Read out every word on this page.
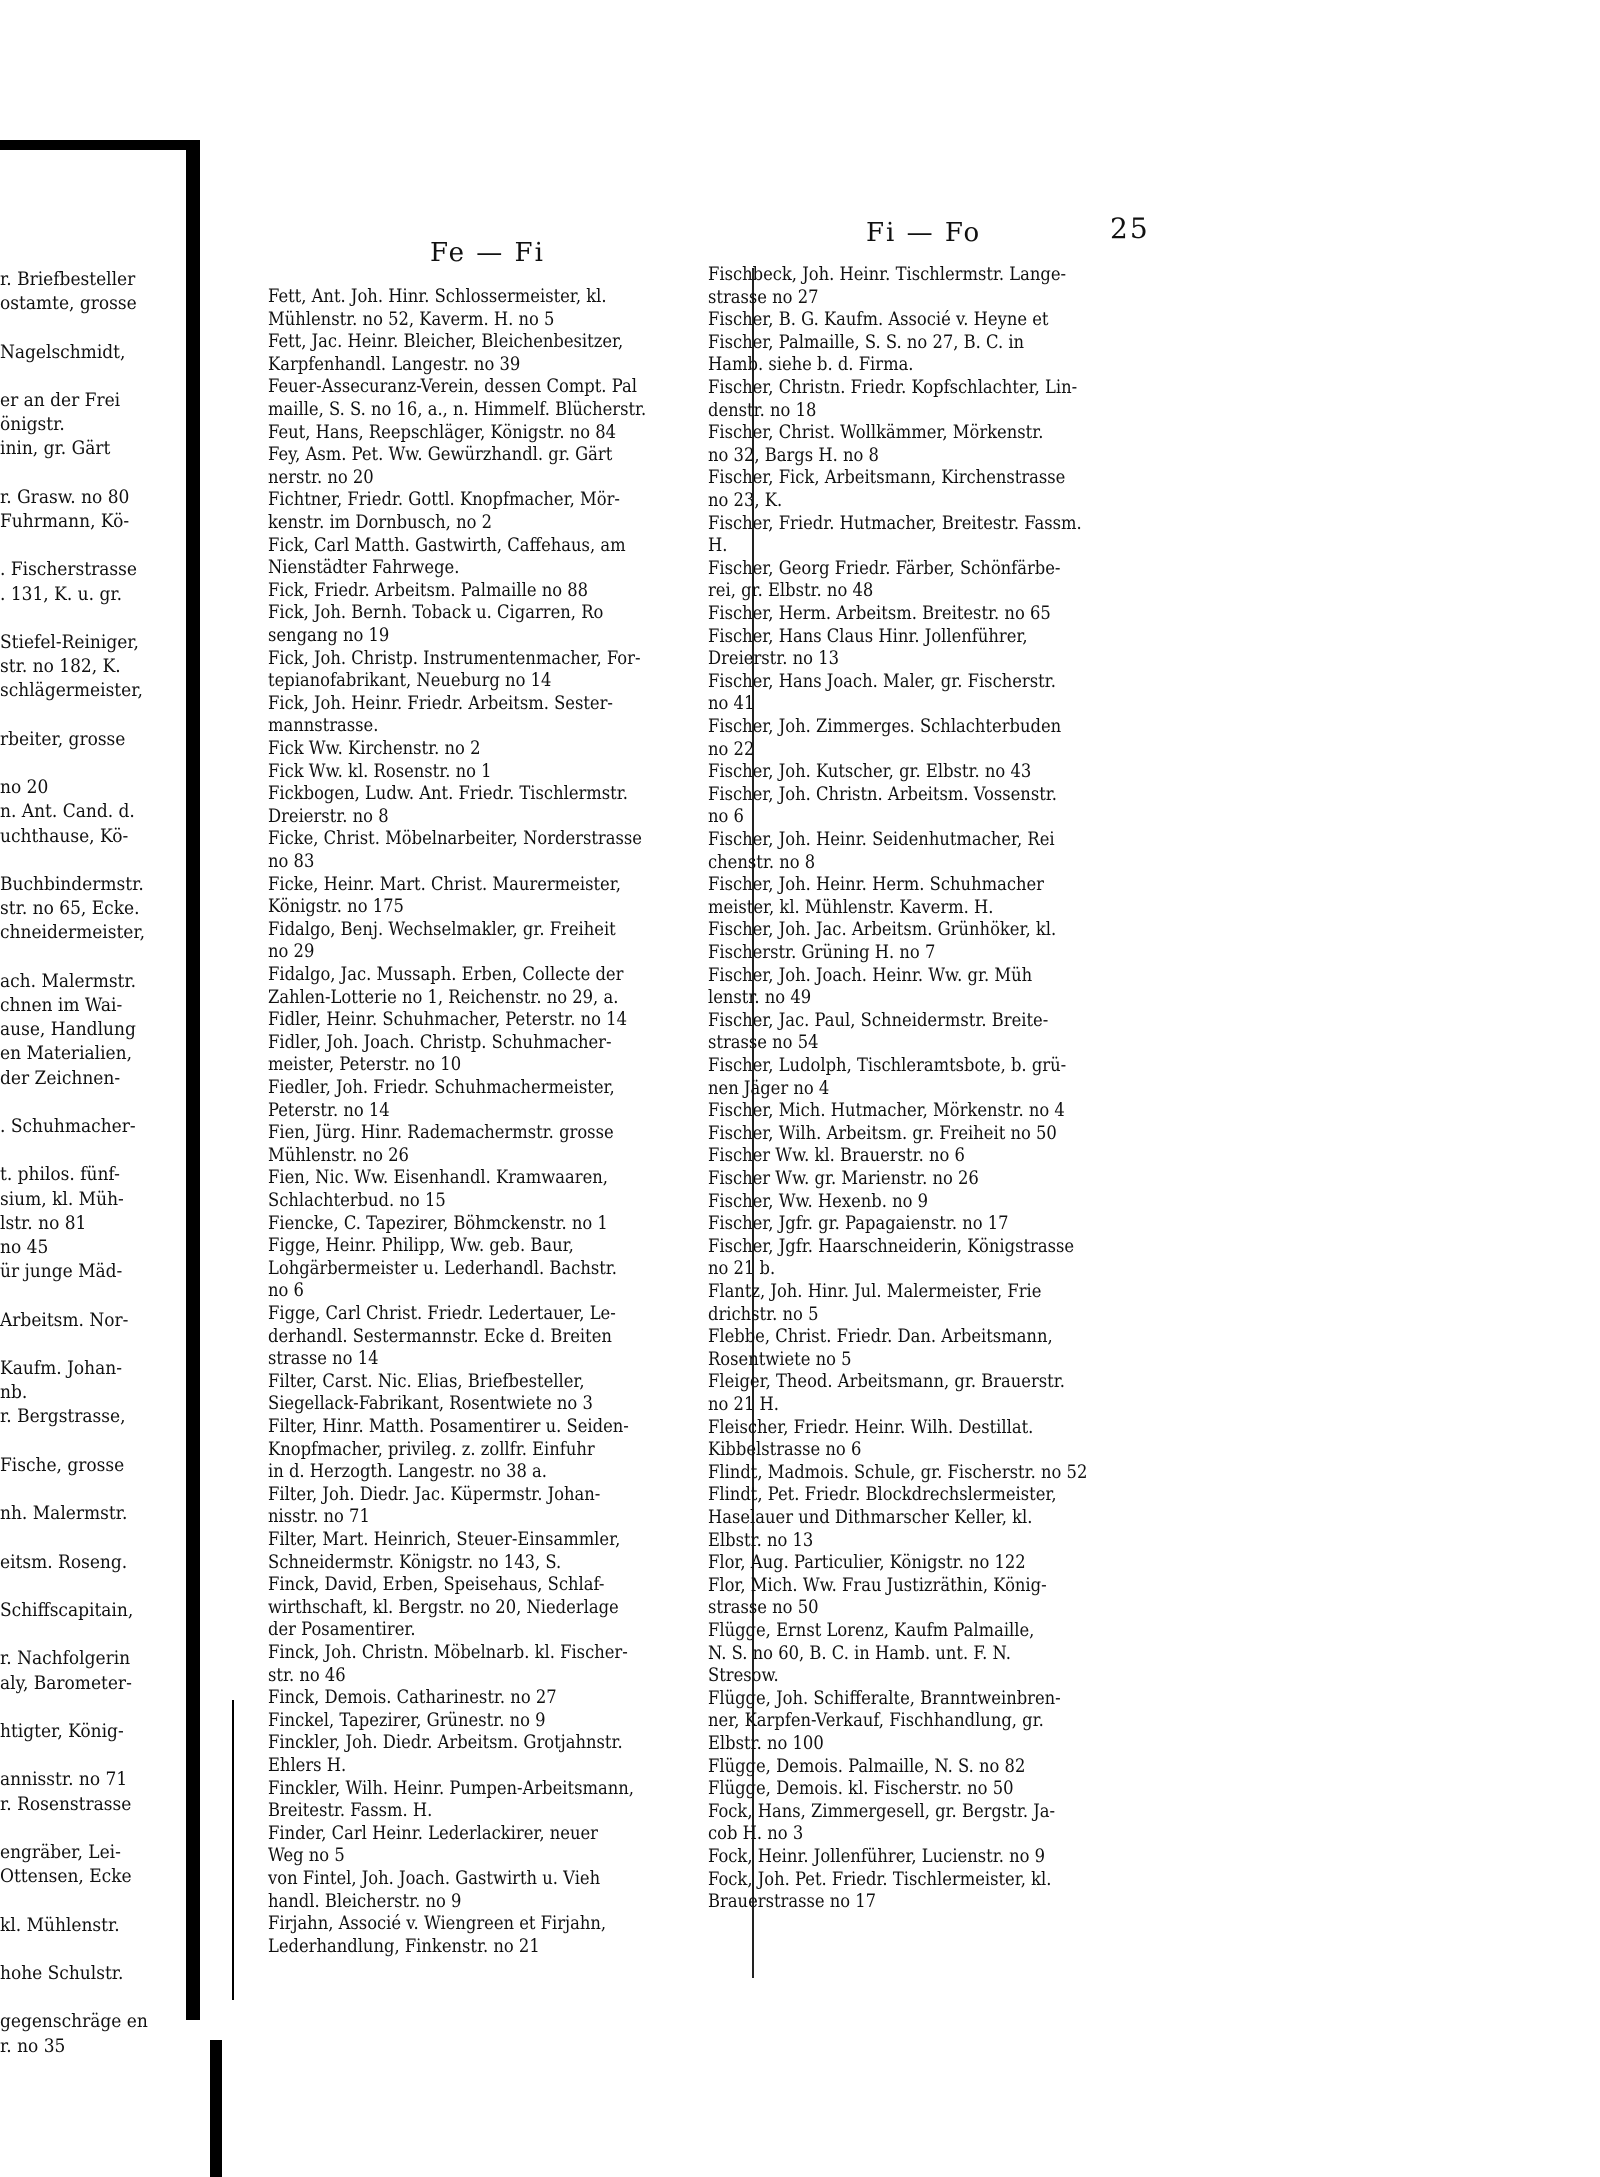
r. Briefbesteller
ostamte, grosse
Nagelschmidt,
er an der Frei
önigstr.
inin, gr. Gärt
r. Grasw. no 80
Fuhrmann, Kö-
. Fischerstrasse
. 131, K. u. gr.
Stiefel-Reiniger,
str. no 182, K.
schlägermeister,
rbeiter, grosse
no 20
n. Ant. Cand. d.
uchthause, Kö-
Buchbindermstr.
str. no 65, Ecke.
chneidermeister,
ach. Malermstr.
chnen im Wai-
ause, Handlung
en Materialien,
der Zeichnen-
. Schuhmacher-
t. philos. fünf-
sium, kl. Müh-
lstr. no 81
no 45
ür junge Mäd-
Arbeitsm. Nor-
Kaufm. Johan-
nb.
r. Bergstrasse,
Fische, grosse
nh. Malermstr.
eitsm. Roseng.
Schiffscapitain,
r. Nachfolgerin
aly, Barometer-
htigter, König-
annisstr. no 71
r. Rosenstrasse
engräber, Lei-
Ottensen, Ecke
kl. Mühlenstr.
hohe Schulstr.
gegenschräge en
r. no 35
Fe — Fi
Fi — Fo	25
Fett, Ant. Joh. Hinr. Schlossermeister, kl.
Mühlenstr. no 52, Kaverm. H. no 5
Fett, Jac. Heinr. Bleicher, Bleichenbesitzer,
Karpfenhandl. Langestr. no 39
Feuer-Assecuranz-Verein, dessen Compt. Pal
maille, S. S. no 16, a., n. Himmelf. Blücherstr.
Feut, Hans, Reepschläger, Königstr. no 84
Fey, Asm. Pet. Ww. Gewürzhandl. gr. Gärt
nerstr. no 20
Fichtner, Friedr. Gottl. Knopfmacher, Mör-
kenstr. im Dornbusch, no 2
Fick, Carl Matth. Gastwirth, Caffehaus, am
Nienstädter Fahrwege.
Fick, Friedr. Arbeitsm. Palmaille no 88
Fick, Joh. Bernh. Toback u. Cigarren, Ro
sengang no 19
Fick, Joh. Christp. Instrumentenmacher, For-
tepianofabrikant, Neueburg no 14
Fick, Joh. Heinr. Friedr. Arbeitsm. Sester-
mannstrasse.
Fick Ww. Kirchenstr. no 2
Fick Ww. kl. Rosenstr. no 1
Fickbogen, Ludw. Ant. Friedr. Tischlermstr.
Dreierstr. no 8
Ficke, Christ. Möbelnarbeiter, Norderstrasse
no 83
Ficke, Heinr. Mart. Christ. Maurermeister,
Königstr. no 175
Fidalgo, Benj. Wechselmakler, gr. Freiheit
no 29
Fidalgo, Jac. Mussaph. Erben, Collecte der
Zahlen-Lotterie no 1, Reichenstr. no 29, a.
Fidler, Heinr. Schuhmacher, Peterstr. no 14
Fidler, Joh. Joach. Christp. Schuhmacher-
meister, Peterstr. no 10
Fiedler, Joh. Friedr. Schuhmachermeister,
Peterstr. no 14
Fien, Jürg. Hinr. Rademachermstr. grosse
Mühlenstr. no 26
Fien, Nic. Ww. Eisenhandl. Kramwaaren,
Schlachterbud. no 15
Fiencke, C. Tapezirer, Böhmckenstr. no 1
Figge, Heinr. Philipp, Ww. geb. Baur,
Lohgärbermeister u. Lederhandl. Bachstr.
no 6
Figge, Carl Christ. Friedr. Ledertauer, Le-
derhandl. Sestermannstr. Ecke d. Breiten
strasse no 14
Filter, Carst. Nic. Elias, Briefbesteller,
Siegellack-Fabrikant, Rosentwiete no 3
Filter, Hinr. Matth. Posamentirer u. Seiden-
Knopfmacher, privileg. z. zollfr. Einfuhr
in d. Herzogth. Langestr. no 38 a.
Filter, Joh. Diedr. Jac. Küpermstr. Johan-
nisstr. no 71
Filter, Mart. Heinrich, Steuer-Einsammler,
Schneidermstr. Königstr. no 143, S.
Finck, David, Erben, Speisehaus, Schlaf-
wirthschaft, kl. Bergstr. no 20, Niederlage
der Posamentirer.
Finck, Joh. Christn. Möbelnarb. kl. Fischer-
str. no 46
Finck, Demois. Catharinestr. no 27
Finckel, Tapezirer, Grünestr. no 9
Finckler, Joh. Diedr. Arbeitsm. Grotjahnstr.
Ehlers H.
Finckler, Wilh. Heinr. Pumpen-Arbeitsmann,
Breitestr. Fassm. H.
Finder, Carl Heinr. Lederlackirer, neuer
Weg no 5
von Fintel, Joh. Joach. Gastwirth u. Vieh
handl. Bleicherstr. no 9
Firjahn, Associé v. Wiengreen et Firjahn,
Lederhandlung, Finkenstr. no 21
Fischbeck, Joh. Heinr. Tischlermstr. Lange-
strasse no 27
Fischer, B. G. Kaufm. Associé v. Heyne et
Fischer, Palmaille, S. S. no 27, B. C. in
Hamb. siehe b. d. Firma.
Fischer, Christn. Friedr. Kopfschlachter, Lin-
denstr. no 18
Fischer, Christ. Wollkämmer, Mörkenstr.
no 32, Bargs H. no 8
Fischer, Fick, Arbeitsmann, Kirchenstrasse
no 23, K.
Fischer, Friedr. Hutmacher, Breitestr. Fassm.
H.
Fischer, Georg Friedr. Färber, Schönfärbe-
rei, gr. Elbstr. no 48
Fischer, Herm. Arbeitsm. Breitestr. no 65
Fischer, Hans Claus Hinr. Jollenführer,
Dreierstr. no 13
Fischer, Hans Joach. Maler, gr. Fischerstr.
no 41
Fischer, Joh. Zimmerges. Schlachterbuden
no 22
Fischer, Joh. Kutscher, gr. Elbstr. no 43
Fischer, Joh. Christn. Arbeitsm. Vossenstr.
no 6
Fischer, Joh. Heinr. Seidenhutmacher, Rei
chenstr. no 8
Fischer, Joh. Heinr. Herm. Schuhmacher
meister, kl. Mühlenstr. Kaverm. H.
Fischer, Joh. Jac. Arbeitsm. Grünhöker, kl.
Fischerstr. Grüning H. no 7
Fischer, Joh. Joach. Heinr. Ww. gr. Müh
lenstr. no 49
Fischer, Jac. Paul, Schneidermstr. Breite-
strasse no 54
Fischer, Ludolph, Tischleramtsbote, b. grü-
nen Jäger no 4
Fischer, Mich. Hutmacher, Mörkenstr. no 4
Fischer, Wilh. Arbeitsm. gr. Freiheit no 50
Fischer Ww. kl. Brauerstr. no 6
Fischer Ww. gr. Marienstr. no 26
Fischer, Ww. Hexenb. no 9
Fischer, Jgfr. gr. Papagaienstr. no 17
Fischer, Jgfr. Haarschneiderin, Königstrasse
no 21 b.
Flantz, Joh. Hinr. Jul. Malermeister, Frie
drichstr. no 5
Flebbe, Christ. Friedr. Dan. Arbeitsmann,
Rosentwiete no 5
Fleiger, Theod. Arbeitsmann, gr. Brauerstr.
no 21 H.
Fleischer, Friedr. Heinr. Wilh. Destillat.
Kibbelstrasse no 6
Flindt, Madmois. Schule, gr. Fischerstr. no 52
Flindt, Pet. Friedr. Blockdrechslermeister,
Haselauer und Dithmarscher Keller, kl.
Elbstr. no 13
Flor, Aug. Particulier, Königstr. no 122
Flor, Mich. Ww. Frau Justizräthin, König-
strasse no 50
Flügge, Ernst Lorenz, Kaufm Palmaille,
N. S. no 60, B. C. in Hamb. unt. F. N.
Stresow.
Flügge, Joh. Schifferalte, Branntweinbren-
ner, Karpfen-Verkauf, Fischhandlung, gr.
Elbstr. no 100
Flügge, Demois. Palmaille, N. S. no 82
Flügge, Demois. kl. Fischerstr. no 50
Fock, Hans, Zimmergesell, gr. Bergstr. Ja-
cob H. no 3
Fock, Heinr. Jollenführer, Lucienstr. no 9
Fock, Joh. Pet. Friedr. Tischlermeister, kl.
Brauerstrasse no 17
